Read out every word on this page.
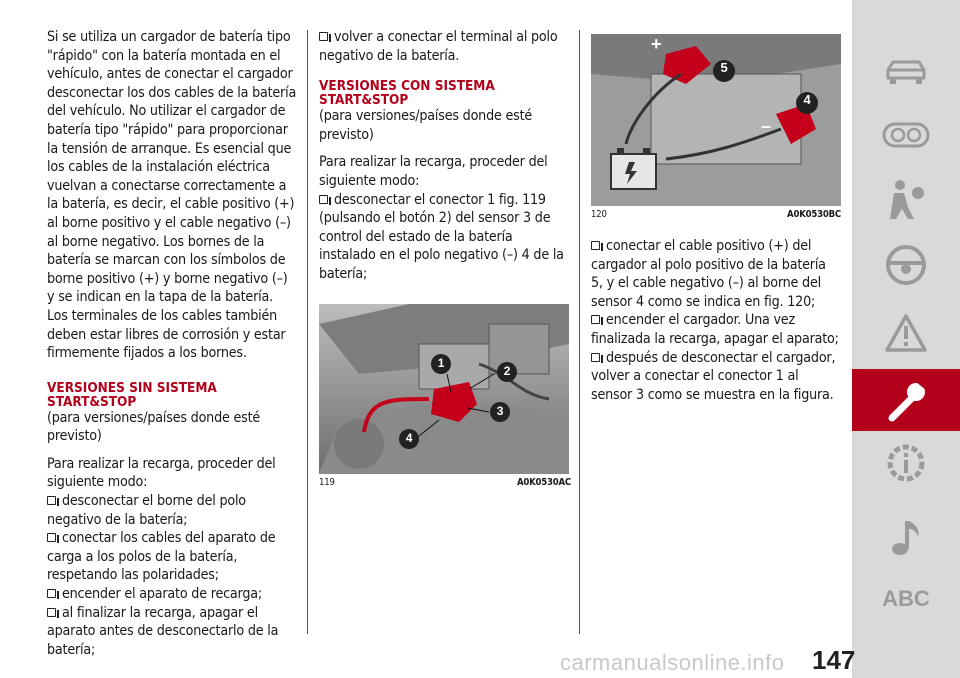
Si se utiliza un cargador de batería tipo "rápido" con la batería montada en el vehículo, antes de conectar el cargador desconectar los dos cables de la batería del vehículo. No utilizar el cargador de batería tipo "rápido" para proporcionar la tensión de arranque. Es esencial que los cables de la instalación eléctrica vuelvan a conectarse correctamente a la batería, es decir, el cable positivo (+) al borne positivo y el cable negativo (–) al borne negativo. Los bornes de la batería se marcan con los símbolos de borne positivo (+) y borne negativo (–) y se indican en la tapa de la batería. Los terminales de los cables también deben estar libres de corrosión y estar firmemente fijados a los bornes.

VERSIONES SIN SISTEMA START&STOP

(para versiones/países donde esté previsto)

Para realizar la recarga, proceder del siguiente modo:

desconectar el borne del polo negativo de la batería;
conectar los cables del aparato de carga a los polos de la batería, respetando las polaridades;
encender el aparato de recarga;
al finalizar la recarga, apagar el aparato antes de desconectarlo de la batería;
volver a conectar el terminal al polo negativo de la batería.
VERSIONES CON SISTEMA START&STOP

(para versiones/países donde esté previsto)

Para realizar la recarga, proceder del siguiente modo:

desconectar el conector 1 fig. 119 (pulsando el botón 2) del sensor 3 de control del estado de la batería instalado en el polo negativo (–) 4 de la batería;
1
2
3
4
119	A0K0530AC
+
–
5
4
120	A0K0530BC
conectar el cable positivo (+) del cargador al polo positivo de la batería 5, y el cable negativo (–) al borne del sensor 4 como se indica en fig. 120;
encender el cargador. Una vez finalizada la recarga, apagar el aparato;
después de desconectar el cargador, volver a conectar el conector 1 al sensor 3 como se muestra en la figura.
ABC
carmanualsonline.info 147
